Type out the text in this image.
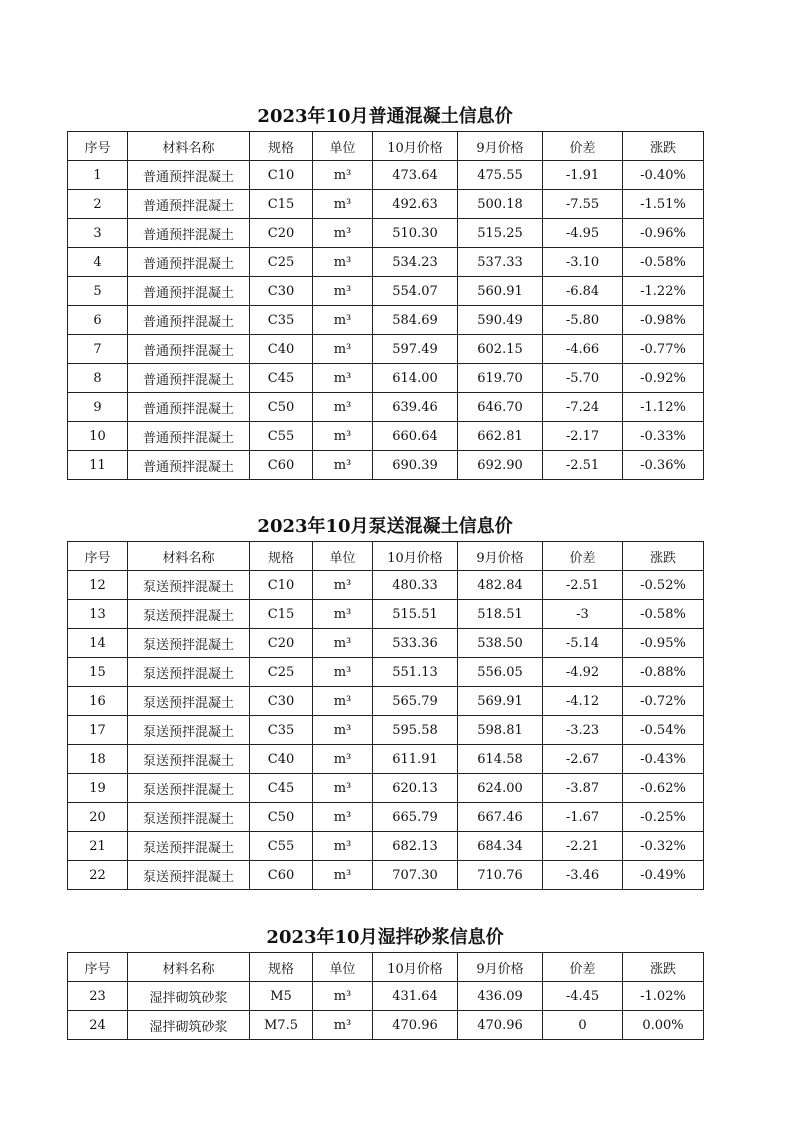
2023年10月普通混凝土信息价
序号	材料名称	规格	单位	10月价格	9月价格	价差	涨跌
1	普通预拌混凝土	C10	m³	473.64	475.55	-1.91	-0.40%
2	普通预拌混凝土	C15	m³	492.63	500.18	-7.55	-1.51%
3	普通预拌混凝土	C20	m³	510.30	515.25	-4.95	-0.96%
4	普通预拌混凝土	C25	m³	534.23	537.33	-3.10	-0.58%
5	普通预拌混凝土	C30	m³	554.07	560.91	-6.84	-1.22%
6	普通预拌混凝土	C35	m³	584.69	590.49	-5.80	-0.98%
7	普通预拌混凝土	C40	m³	597.49	602.15	-4.66	-0.77%
8	普通预拌混凝土	C45	m³	614.00	619.70	-5.70	-0.92%
9	普通预拌混凝土	C50	m³	639.46	646.70	-7.24	-1.12%
10	普通预拌混凝土	C55	m³	660.64	662.81	-2.17	-0.33%
11	普通预拌混凝土	C60	m³	690.39	692.90	-2.51	-0.36%
2023年10月泵送混凝土信息价
序号	材料名称	规格	单位	10月价格	9月价格	价差	涨跌
12	泵送预拌混凝土	C10	m³	480.33	482.84	-2.51	-0.52%
13	泵送预拌混凝土	C15	m³	515.51	518.51	-3	-0.58%
14	泵送预拌混凝土	C20	m³	533.36	538.50	-5.14	-0.95%
15	泵送预拌混凝土	C25	m³	551.13	556.05	-4.92	-0.88%
16	泵送预拌混凝土	C30	m³	565.79	569.91	-4.12	-0.72%
17	泵送预拌混凝土	C35	m³	595.58	598.81	-3.23	-0.54%
18	泵送预拌混凝土	C40	m³	611.91	614.58	-2.67	-0.43%
19	泵送预拌混凝土	C45	m³	620.13	624.00	-3.87	-0.62%
20	泵送预拌混凝土	C50	m³	665.79	667.46	-1.67	-0.25%
21	泵送预拌混凝土	C55	m³	682.13	684.34	-2.21	-0.32%
22	泵送预拌混凝土	C60	m³	707.30	710.76	-3.46	-0.49%
2023年10月湿拌砂浆信息价
序号	材料名称	规格	单位	10月价格	9月价格	价差	涨跌
23	湿拌砌筑砂浆	M5	m³	431.64	436.09	-4.45	-1.02%
24	湿拌砌筑砂浆	M7.5	m³	470.96	470.96	0	0.00%
